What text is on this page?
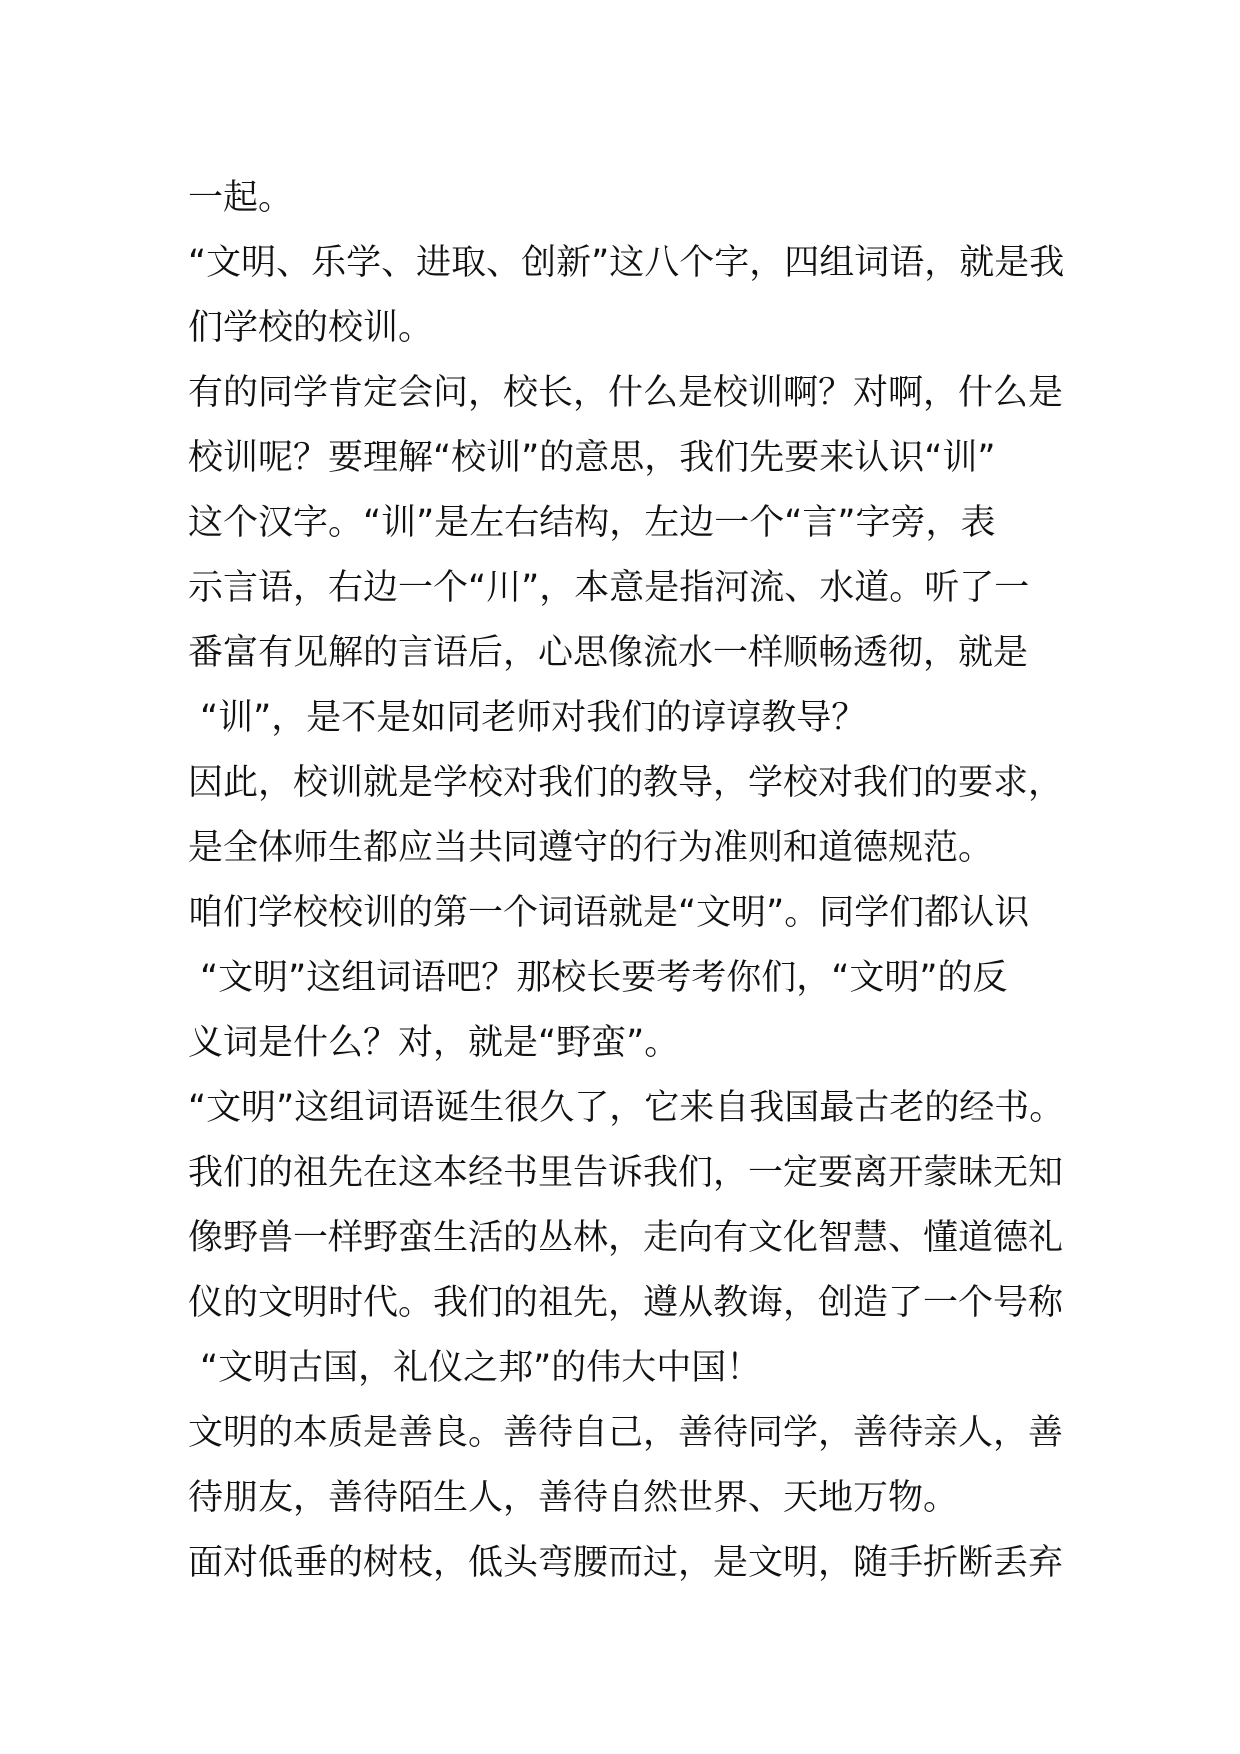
一起。
“文明、乐学、进取、创新”这八个字，四组词语，就是我
们学校的校训。
有的同学肯定会问，校长，什么是校训啊？对啊，什么是
校训呢？要理解“校训”的意思，我们先要来认识“训”
这个汉字。“训”是左右结构，左边一个“言”字旁，表
示言语，右边一个“川”，本意是指河流、水道。听了一
番富有见解的言语后，心思像流水一样顺畅透彻，就是
“训”，是不是如同老师对我们的谆谆教导？
因此，校训就是学校对我们的教导，学校对我们的要求，
是全体师生都应当共同遵守的行为准则和道德规范。
咱们学校校训的第一个词语就是“文明”。同学们都认识
“文明”这组词语吧？那校长要考考你们，“文明”的反
义词是什么？对，就是“野蛮”。
“文明”这组词语诞生很久了，它来自我国最古老的经书。
我们的祖先在这本经书里告诉我们，一定要离开蒙昧无知
像野兽一样野蛮生活的丛林，走向有文化智慧、懂道德礼
仪的文明时代。我们的祖先，遵从教诲，创造了一个号称
“文明古国，礼仪之邦”的伟大中国！
文明的本质是善良。善待自己，善待同学，善待亲人，善
待朋友，善待陌生人，善待自然世界、天地万物。
面对低垂的树枝，低头弯腰而过，是文明，随手折断丢弃
